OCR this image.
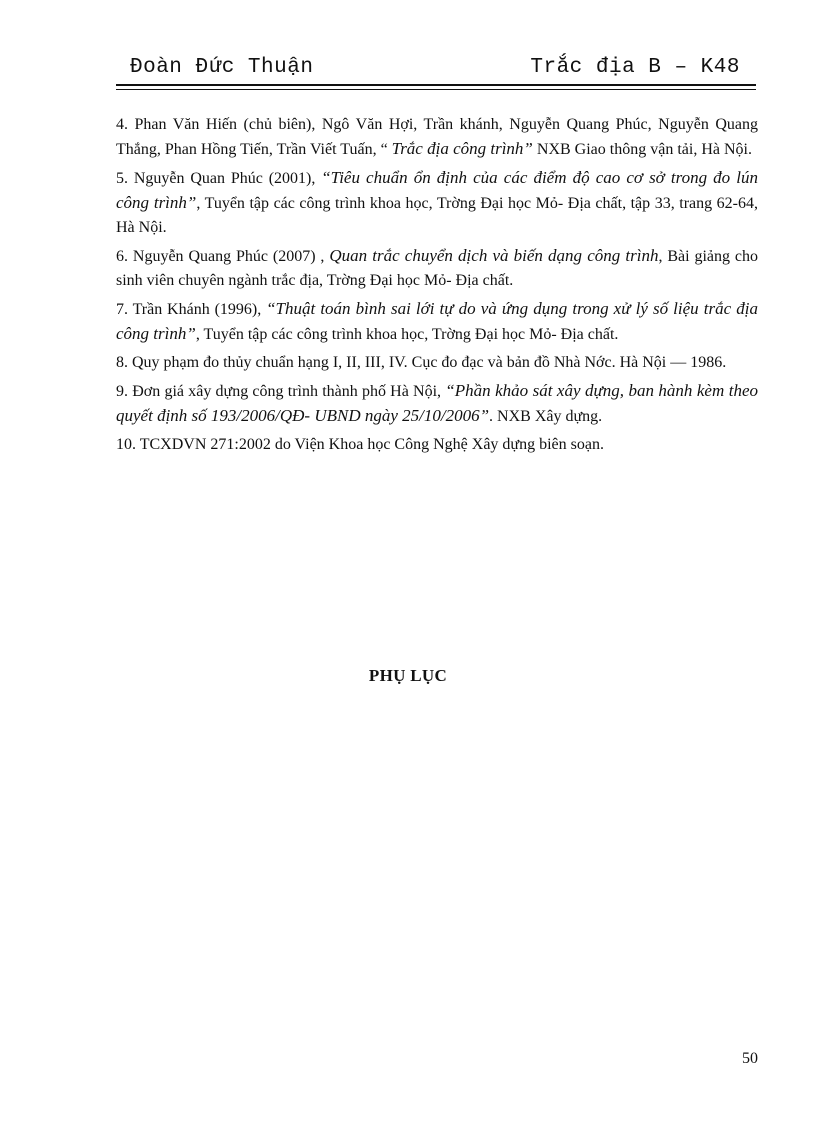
Đoàn Đức Thuận	Trắc địa B – K48

4. Phan Văn Hiến (chủ biên), Ngô Văn Hợi, Trần khánh, Nguyễn Quang Phúc, Nguyễn Quang Thắng, Phan Hồng Tiến, Trần Viết Tuấn, “ Trắc địa công trình” NXB Giao thông vận tải, Hà Nội.

5. Nguyễn Quan Phúc (2001), “Tiêu chuẩn ổn định của các điểm độ cao cơ sở trong đo lún công trình”, Tuyển tập các công trình khoa học, Trờng Đại học Mỏ- Địa chất, tập 33, trang 62-64, Hà Nội.

6. Nguyễn Quang Phúc (2007) , Quan trắc chuyển dịch và biến dạng công trình, Bài giảng cho sinh viên chuyên ngành trắc địa, Trờng Đại học Mỏ- Địa chất.

7. Trần Khánh (1996), “Thuật toán bình sai lới tự do và ứng dụng trong xử lý số liệu trắc địa công trình”, Tuyển tập các công trình khoa học, Trờng Đại học Mỏ- Địa chất.

8. Quy phạm đo thủy chuẩn hạng I, II, III, IV. Cục đo đạc và bản đồ Nhà Nớc. Hà Nội — 1986.

9. Đơn giá xây dựng công trình thành phố Hà Nội, “Phần khảo sát xây dựng, ban hành kèm theo quyết định số 193/2006/QĐ- UBND ngày 25/10/2006”. NXB Xây dựng.

10. TCXDVN 271:2002 do Viện Khoa học Công Nghệ Xây dựng biên soạn.

PHỤ LỤC
50
